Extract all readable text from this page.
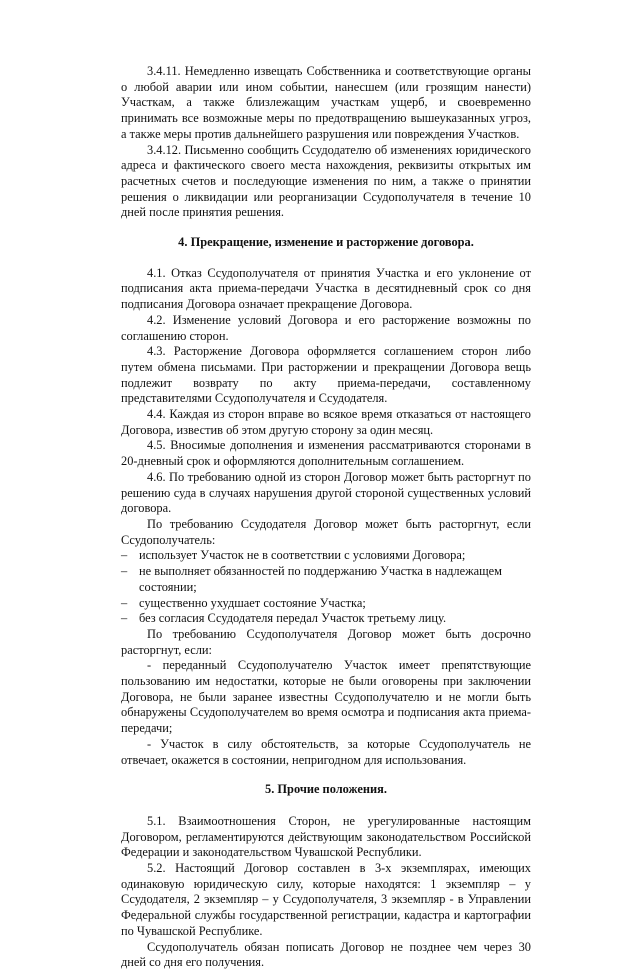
3.4.11. Немедленно извещать Собственника и соответствующие органы о любой аварии или ином событии, нанесшем (или грозящим нанести) Участкам, а также близлежащим участкам ущерб, и своевременно принимать все возможные меры по предотвращению вышеуказанных угроз, а также меры против дальнейшего разрушения или повреждения Участков.

3.4.12. Письменно сообщить Ссудодателю об изменениях юридического адреса и фактического своего места нахождения, реквизиты открытых им расчетных счетов и последующие изменения по ним, а также о принятии решения о ликвидации или реорганизации Ссудополучателя в течение 10 дней после принятия решения.

4. Прекращение, изменение и расторжение договора.

4.1. Отказ Ссудополучателя от принятия Участка и его уклонение от подписания акта приема-передачи Участка в десятидневный срок со дня подписания Договора означает прекращение Договора.

4.2. Изменение условий Договора и его расторжение возможны по соглашению сторон.

4.3. Расторжение Договора оформляется соглашением сторон либо путем обмена письмами. При расторжении и прекращении Договора вещь подлежит возврату по акту приема-передачи, составленному представителями Ссудополучателя и Ссудодателя.

4.4. Каждая из сторон вправе во всякое время отказаться от настоящего Договора, известив об этом другую сторону за один месяц.

4.5. Вносимые дополнения и изменения рассматриваются сторонами в 20-дневный срок и оформляются дополнительным соглашением.

4.6. По требованию одной из сторон Договор может быть расторгнут по решению суда в случаях нарушения другой стороной существенных условий договора.

По требованию Ссудодателя Договор может быть расторгнут, если Ссудополучатель:

– использует Участок не в соответствии с условиями Договора;
– не выполняет обязанностей по поддержанию Участка в надлежащем состоянии;
– существенно ухудшает состояние Участка;
– без согласия Ссудодателя передал Участок третьему лицу.

По требованию Ссудополучателя Договор может быть досрочно расторгнут, если:

- переданный Ссудополучателю Участок имеет препятствующие пользованию им недостатки, которые не были оговорены при заключении Договора, не были заранее известны Ссудополучателю и не могли быть обнаружены Ссудополучателем во время осмотра и подписания акта приема-передачи;

- Участок в силу обстоятельств, за которые Ссудополучатель не отвечает, окажется в состоянии, непригодном для использования.

5. Прочие положения.

5.1. Взаимоотношения Сторон, не урегулированные настоящим Договором, регламентируются действующим законодательством Российской Федерации и законодательством Чувашской Республики.

5.2. Настоящий Договор составлен в 3-х экземплярах, имеющих одинаковую юридическую силу, которые находятся: 1 экземпляр – у Ссудодателя, 2 экземпляр – у Ссудополучателя, 3 экземпляр - в Управлении Федеральной службы государственной регистрации, кадастра и картографии по Чувашской Республике.

Ссудополучатель обязан пописать Договор не позднее чем через 30 дней со дня его получения.
